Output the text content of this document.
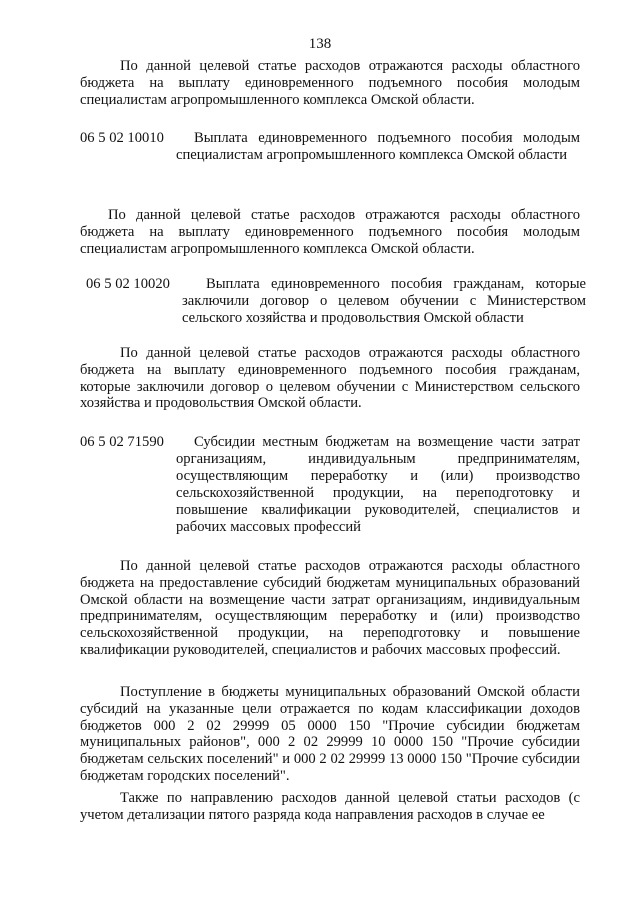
138

По данной целевой статье расходов отражаются расходы областного бюджета на выплату единовременного подъемного пособия молодым специалистам агропромышленного комплекса Омской области.

06 5 02 10010	Выплата единовременного подъемного пособия молодым специалистам агропромышленного комплекса Омской области

По данной целевой статье расходов отражаются расходы областного бюджета на выплату единовременного подъемного пособия молодым специалистам агропромышленного комплекса Омской области.

06 5 02 10020	Выплата единовременного пособия гражданам, которые заключили договор о целевом обучении с Министерством сельского хозяйства и продовольствия Омской области

По данной целевой статье расходов отражаются расходы областного бюджета на выплату единовременного подъемного пособия гражданам, которые заключили договор о целевом обучении с Министерством сельского хозяйства и продовольствия Омской области.

06 5 02 71590	Субсидии местным бюджетам на возмещение части затрат организациям, индивидуальным предпринимателям, осуществляющим переработку и (или) производство сельскохозяйственной продукции, на переподготовку и повышение квалификации руководителей, специалистов и рабочих массовых профессий

По данной целевой статье расходов отражаются расходы областного бюджета на предоставление субсидий бюджетам муниципальных образований Омской области на возмещение части затрат организациям, индивидуальным предпринимателям, осуществляющим переработку и (или) производство сельскохозяйственной продукции, на переподготовку и повышение квалификации руководителей, специалистов и рабочих массовых профессий.

Поступление в бюджеты муниципальных образований Омской области субсидий на указанные цели отражается по кодам классификации доходов бюджетов 000 2 02 29999 05 0000 150 "Прочие субсидии бюджетам муниципальных районов", 000 2 02 29999 10 0000 150 "Прочие субсидии бюджетам сельских поселений" и 000 2 02 29999 13 0000 150 "Прочие субсидии бюджетам городских поселений".

Также по направлению расходов данной целевой статьи расходов (с учетом детализации пятого разряда кода направления расходов в случае ее
